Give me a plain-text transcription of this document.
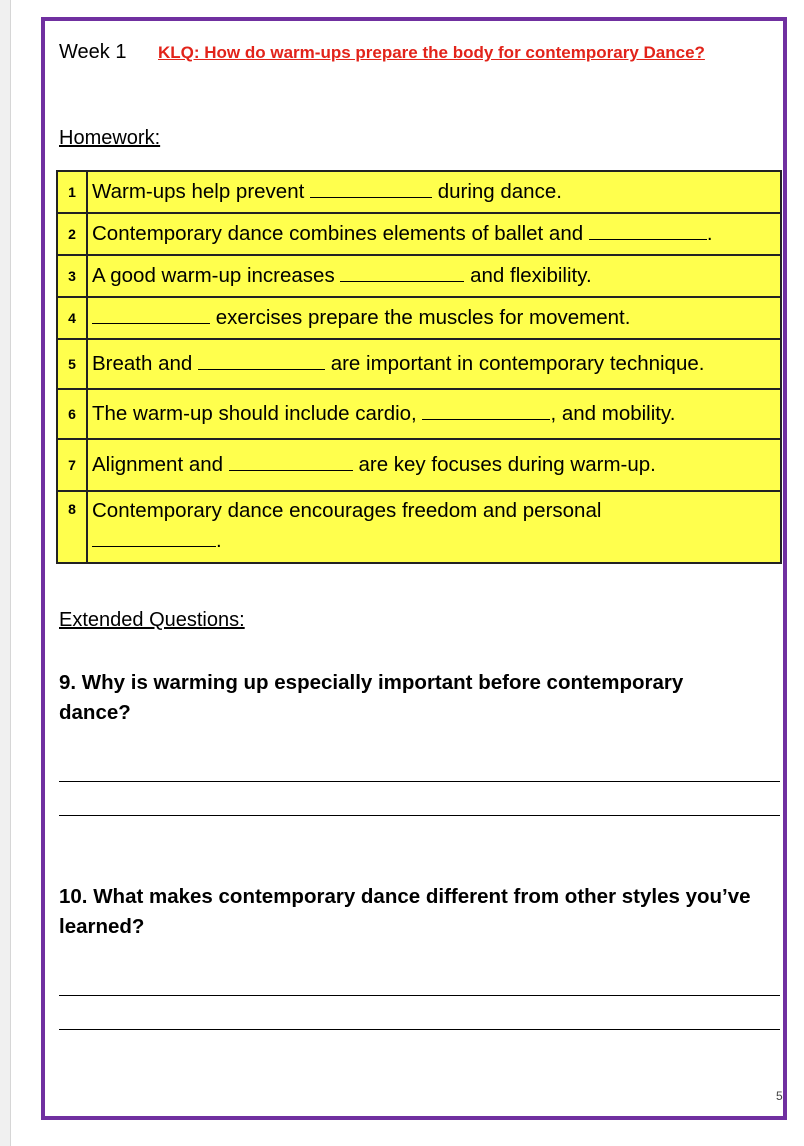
Week 1 KLQ: How do warm-ups prepare the body for contemporary Dance?
Homework:
1	Warm-ups help prevent during dance.
2	Contemporary dance combines elements of ballet and .
3	A good warm-up increases and flexibility.
4	exercises prepare the muscles for movement.
5	Breath and are important in contemporary technique.
6	The warm-up should include cardio, , and mobility.
7	Alignment and are key focuses during warm-up.
8	Contemporary dance encourages freedom and personal
.
Extended Questions:
9. Why is warming up especially important before contemporary dance?
10. What makes contemporary dance different from other styles you’ve learned?
5
